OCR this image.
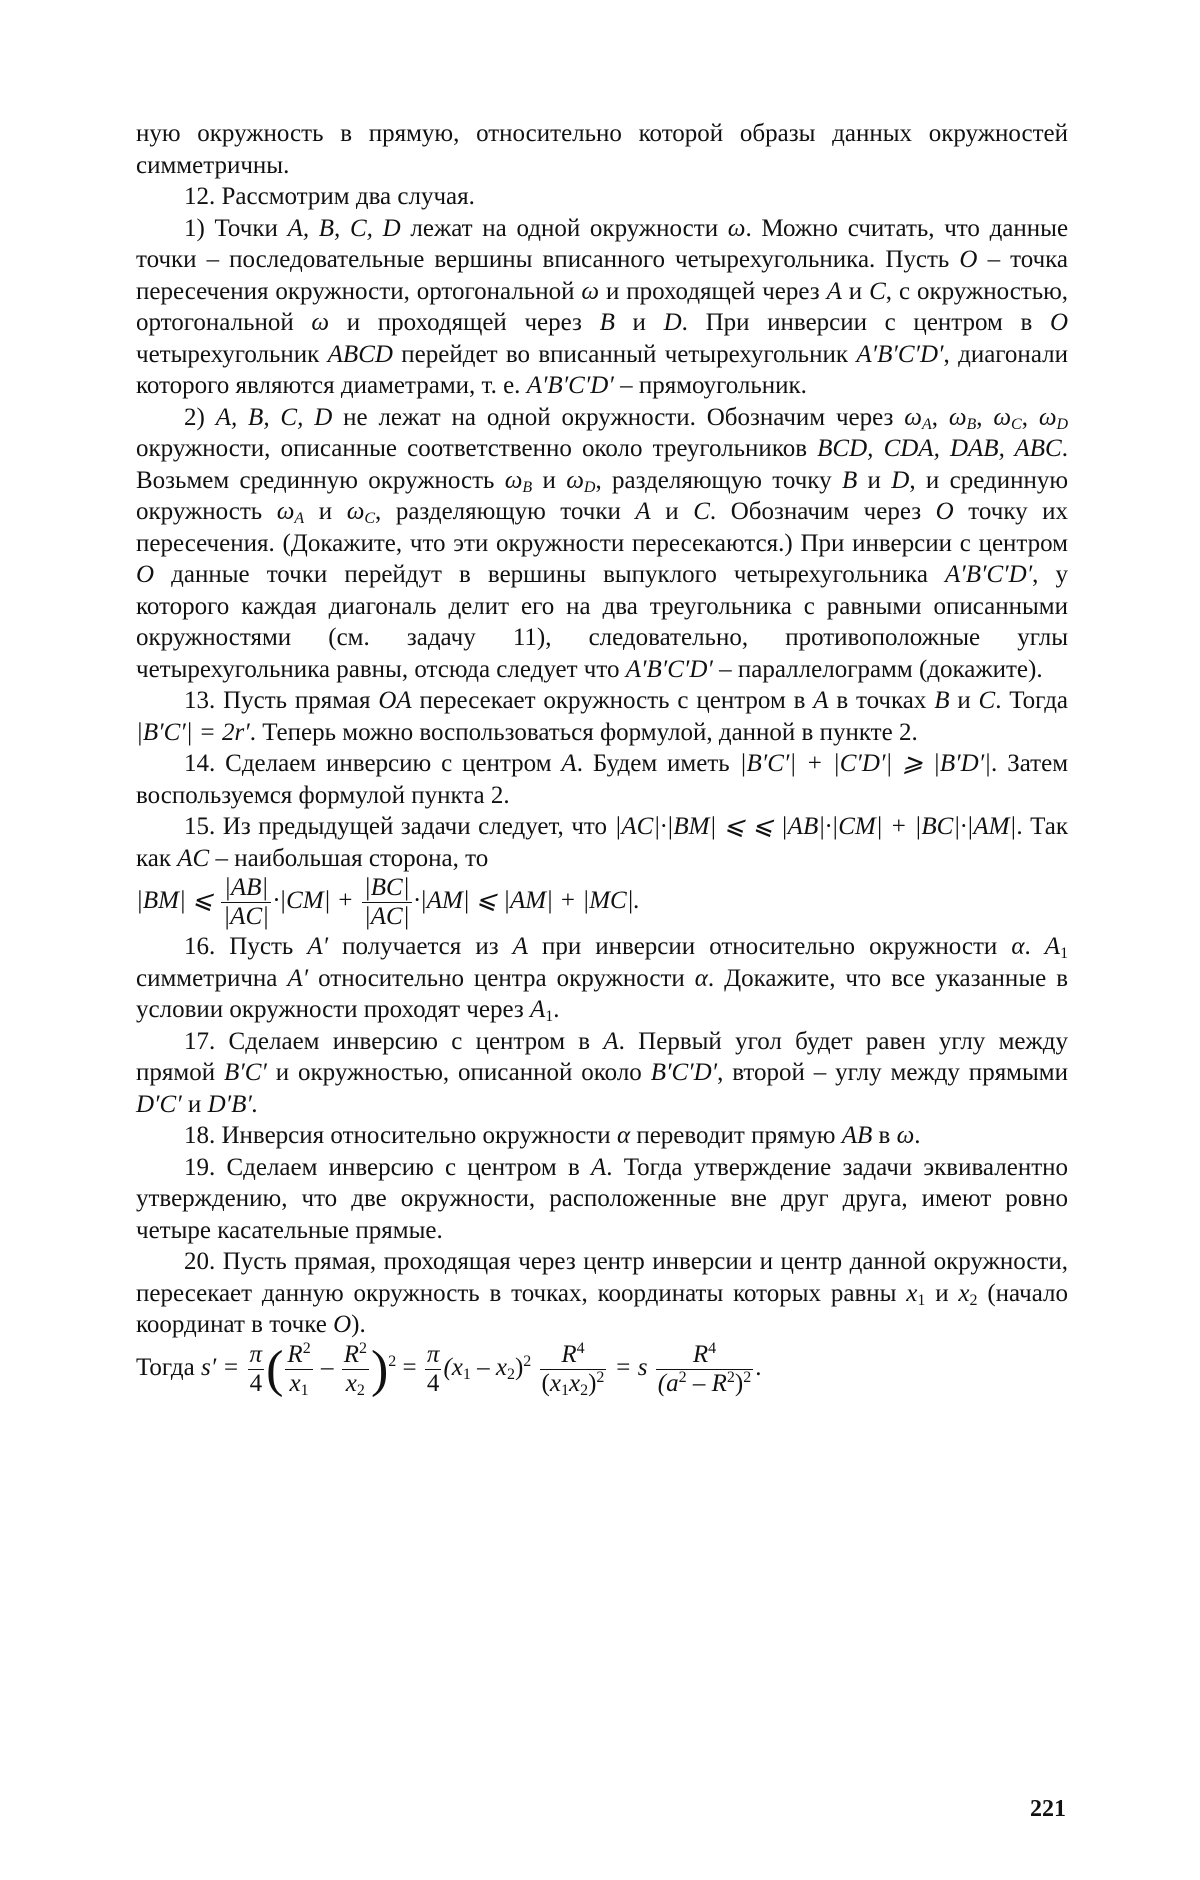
ную окружность в прямую, относительно которой образы данных окружностей симметричны.

12. Рассмотрим два случая.

1) Точки A, B, C, D лежат на одной окружности ω. Можно считать, что данные точки – последовательные вершины вписанного четырехугольника. Пусть O – точка пересечения окружности, ортогональной ω и проходящей через A и C, с окружностью, ортогональной ω и проходящей через B и D. При инверсии с центром в O четырехугольник ABCD перейдет во вписанный четырехугольник A′B′C′D′, диагонали которого являются диаметрами, т. е. A′B′C′D′ – прямоугольник.

2) A, B, C, D не лежат на одной окружности. Обозначим через ωA, ωB, ωC, ωD окружности, описанные соответственно около треугольников BCD, CDA, DAB, ABC. Возьмем срединную окружность ωB и ωD, разделяющую точку B и D, и срединную окружность ωA и ωC, разделяющую точки A и C. Обозначим через O точку их пересечения. (Докажите, что эти окружности пересекаются.) При инверсии с центром O данные точки перейдут в вершины выпуклого четырехугольника A′B′C′D′, у которого каждая диагональ делит его на два треугольника с равными описанными окружностями (см. задачу 11), следовательно, противоположные углы четырехугольника равны, отсюда следует что A′B′C′D′ – параллелограмм (докажите).

13. Пусть прямая OA пересекает окружность с центром в A в точках B и C. Тогда |B′C′| = 2r′. Теперь можно воспользоваться формулой, данной в пункте 2.

14. Сделаем инверсию с центром A. Будем иметь |B′C′| + |C′D′| ⩾ |B′D′|. Затем воспользуемся формулой пункта 2.

15. Из предыдущей задачи следует, что |AC|·|BM| ⩽ ⩽ |AB|·|CM| + |BC|·|AM|. Так как AC – наибольшая сторона, то

|BM| ⩽ |AB|
|AC|
·|CM| + |BC|
|AC|
·|AM| ⩽ |AM| + |MC|.

16. Пусть A′ получается из A при инверсии относительно окружности α. A1 симметрична A′ относительно центра окружности α. Докажите, что все указанные в условии окружности проходят через A1.

17. Сделаем инверсию с центром в A. Первый угол будет равен углу между прямой B′C′ и окружностью, описанной около B′C′D′, второй – углу между прямыми D′C′ и D′B′.

18. Инверсия относительно окружности α переводит прямую AB в ω.

19. Сделаем инверсию с центром в A. Тогда утверждение задачи эквивалентно утверждению, что две окружности, расположенные вне друг друга, имеют ровно четыре касательные прямые.

20. Пусть прямая, проходящая через центр инверсии и центр данной окружности, пересекает данную окружность в точках, координаты которых равны x1 и x2 (начало координат в точке O).

Тогда s′ = π
4 ( R2
x1
– R2
x2 )2 = π
4
(x1 – x2)2	R4
(x1x2)2 = s	R4
(a2 – R2)2 .

221
